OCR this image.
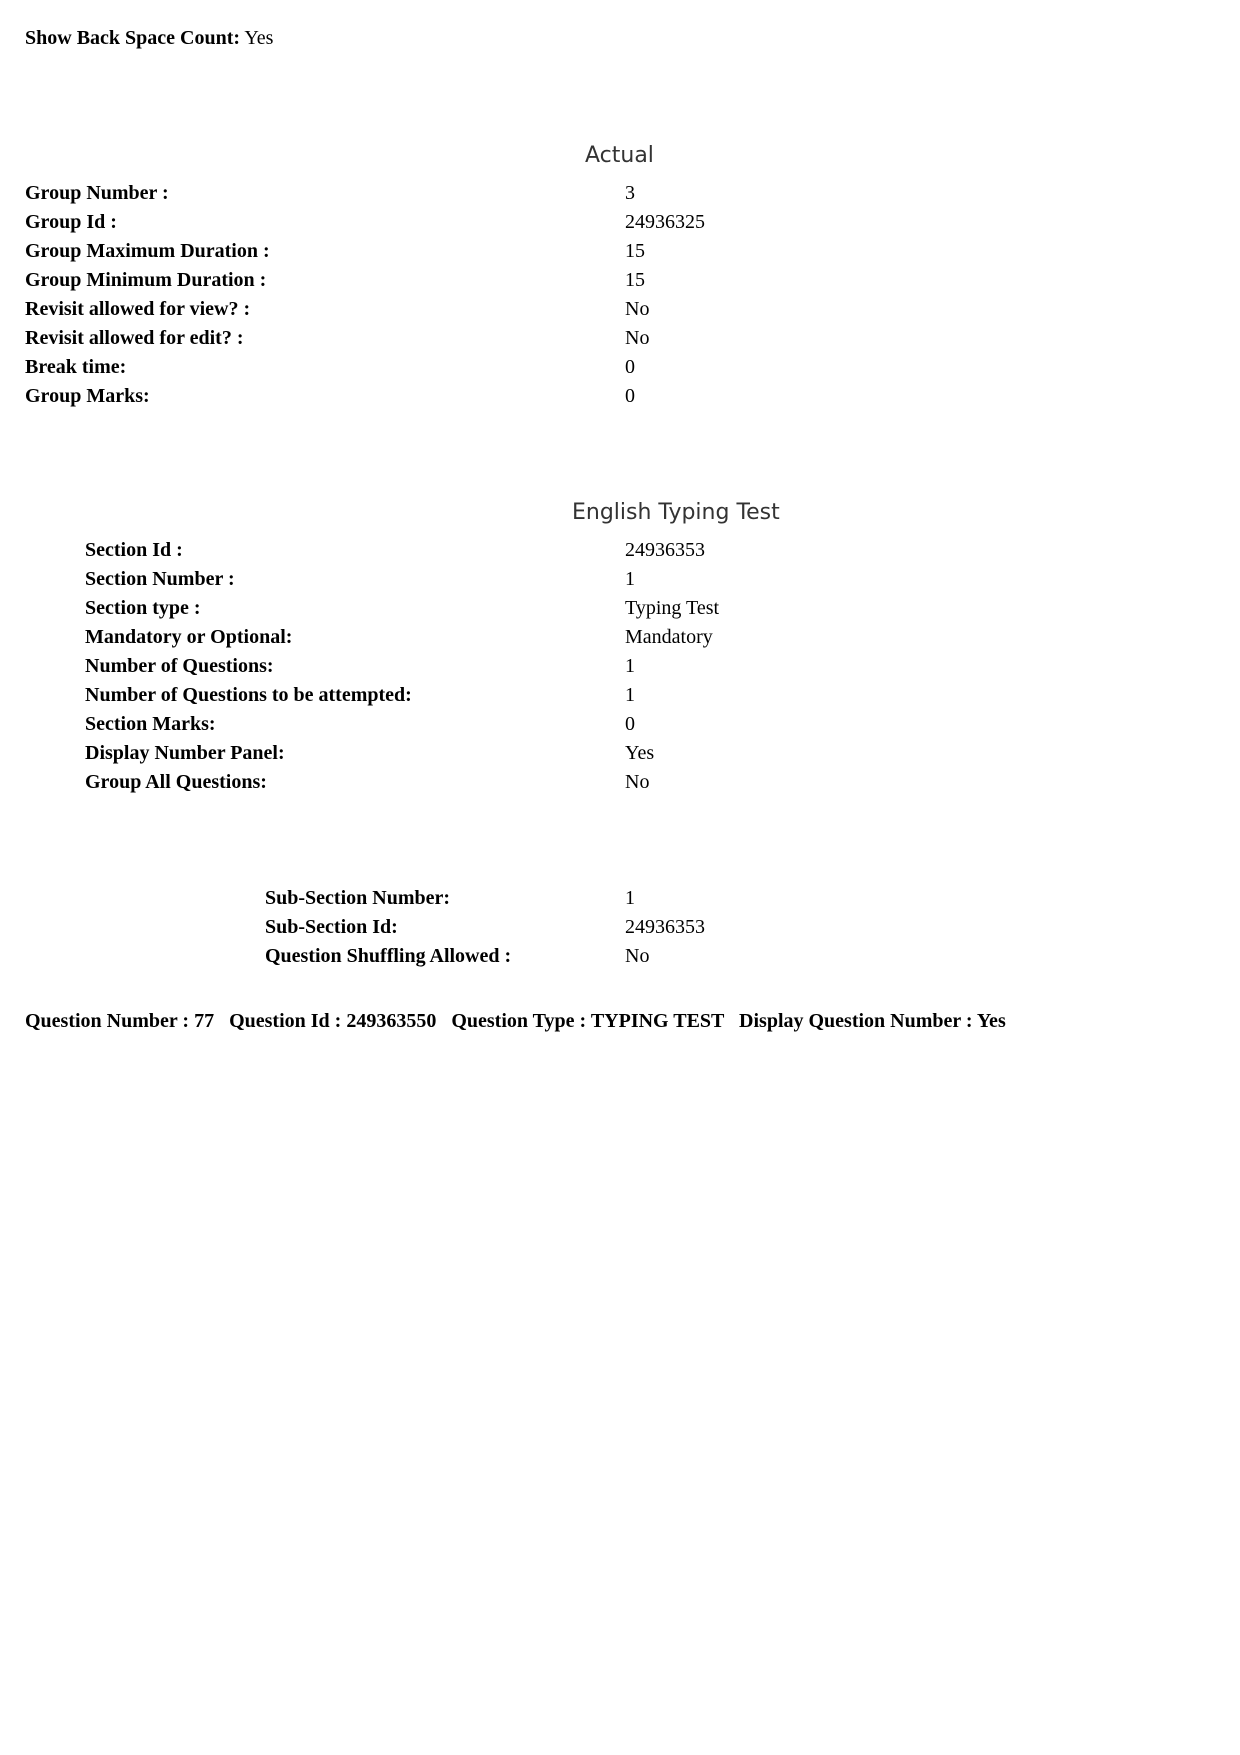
Show Back Space Count: Yes
Actual
Group Number :	3
Group Id :	24936325
Group Maximum Duration :	15
Group Minimum Duration :	15
Revisit allowed for view? :	No
Revisit allowed for edit? :	No
Break time:	0
Group Marks:	0
English Typing Test
Section Id :	24936353
Section Number :	1
Section type :	Typing Test
Mandatory or Optional:	Mandatory
Number of Questions:	1
Number of Questions to be attempted:	1
Section Marks:	0
Display Number Panel:	Yes
Group All Questions:	No
Sub-Section Number:	1
Sub-Section Id:	24936353
Question Shuffling Allowed :	No
Question Number : 77 Question Id : 249363550 Question Type : TYPING TEST Display Question Number : Yes
